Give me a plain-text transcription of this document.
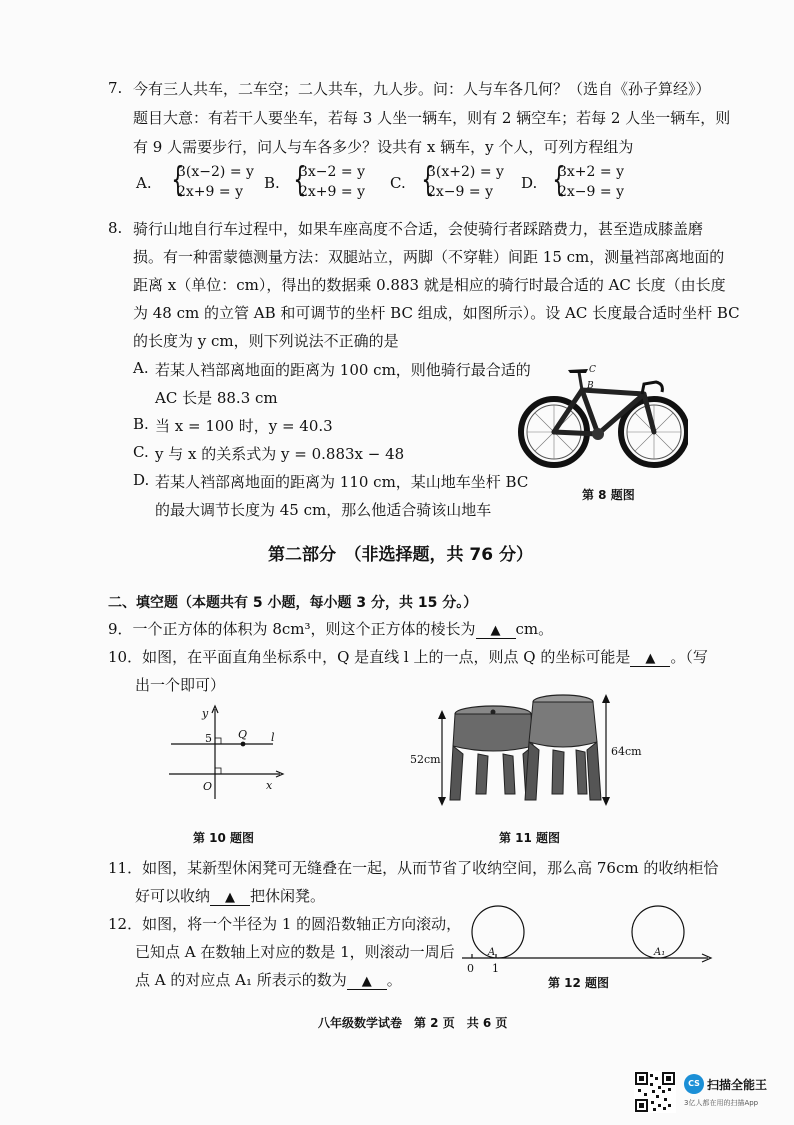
7. 今有三人共车，二车空；二人共车，九人步。问：人与车各几何？（选自《孙子算经》）
题目大意：有若干人要坐车，若每 3 人坐一辆车，则有 2 辆空车；若每 2 人坐一辆车，则
有 9 人需要步行，问人与车各多少？设共有 x 辆车，y 个人，可列方程组为
A. {
3(x−2) = y
2x+9 = y	B. {
3x−2 = y
2x+9 = y C. {
3(x+2) = y
2x−9 = y	D. {
3x+2 = y
2x−9 = y
8. 骑行山地自行车过程中，如果车座高度不合适，会使骑行者踩踏费力，甚至造成膝盖磨
损。有一种雷蒙德测量方法：双腿站立，两脚（不穿鞋）间距 15 cm，测量裆部离地面的
距离 x（单位：cm），得出的数据乘 0.883 就是相应的骑行时最合适的 AC 长度（由长度
为 48 cm 的立管 AB 和可调节的坐杆 BC 组成，如图所示）。设 AC 长度最合适时坐杆 BC
的长度为 y cm，则下列说法不正确的是
A. 若某人裆部离地面的距离为 100 cm，则他骑行最合适的
AC 长是 88.3 cm
B. 当 x = 100 时，y = 40.3
C. y 与 x 的关系式为 y = 0.883x − 48
D. 若某人裆部离地面的距离为 110 cm，某山地车坐杆 BC
的最大调节长度为 45 cm，那么他适合骑该山地车
C
B
第 8 题图
第二部分　（非选择题，共 76 分）
二、填空题（本题共有 5 小题，每小题 3 分，共 15 分。）
9．一个正方体的体积为 8cm³，则这个正方体的棱长为 ▲ cm。
10．如图，在平面直角坐标系中，Q 是直线 l 上的一点，则点 Q 的坐标可能是 ▲ 。（写
出一个即可）
y
x
O
5 Q l
第 10 题图
52cm
64cm
第 11 题图
11．如图，某新型休闲凳可无缝叠在一起，从而节省了收纳空间，那么高 76cm 的收纳柜恰
好可以收纳 ▲ 把休闲凳。
12．如图，将一个半径为 1 的圆沿数轴正方向滚动，
已知点 A 在数轴上对应的数是 1，则滚动一周后
点 A 的对应点 A₁ 所表示的数为 ▲ 。
0 1
A	A₁
第 12 题图
八年级数学试卷　第 2 页　共 6 页
CS 扫描全能王
3亿人都在用的扫描App
